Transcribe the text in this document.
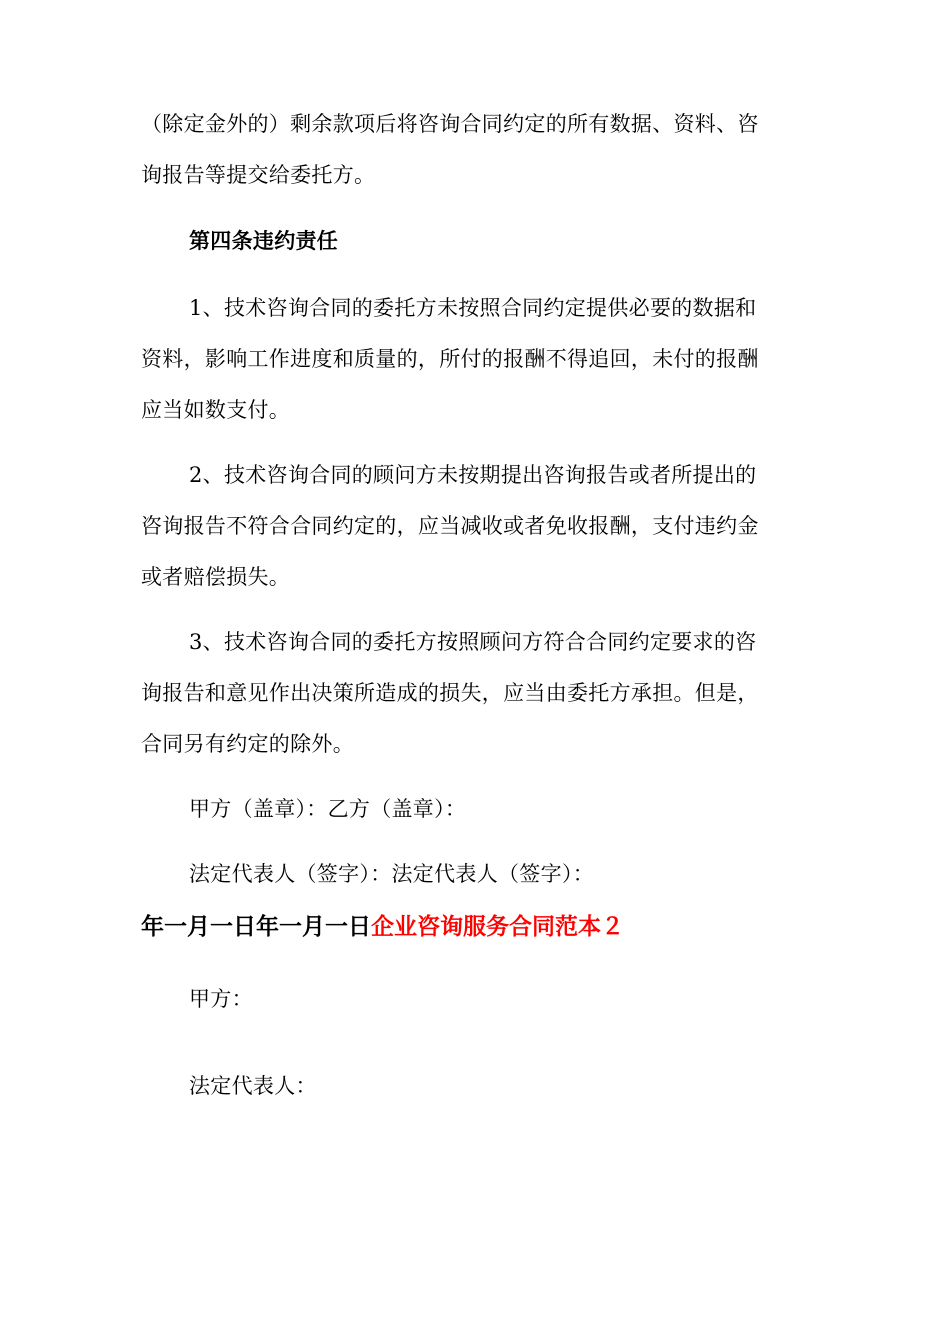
（除定金外的）剩余款项后将咨询合同约定的所有数据、资料、咨
询报告等提交给委托方。
第四条违约责任
1、技术咨询合同的委托方未按照合同约定提供必要的数据和
资料，影响工作进度和质量的，所付的报酬不得追回，未付的报酬
应当如数支付。
2、技术咨询合同的顾问方未按期提出咨询报告或者所提出的
咨询报告不符合合同约定的，应当减收或者免收报酬，支付违约金
或者赔偿损失。
3、技术咨询合同的委托方按照顾问方符合合同约定要求的咨
询报告和意见作出决策所造成的损失，应当由委托方承担。但是，
合同另有约定的除外。
甲方（盖章）：乙方（盖章）：
法定代表人（签字）：法定代表人（签字）：
年一月一日年一月一日企业咨询服务合同范本２
甲方：
法定代表人：
